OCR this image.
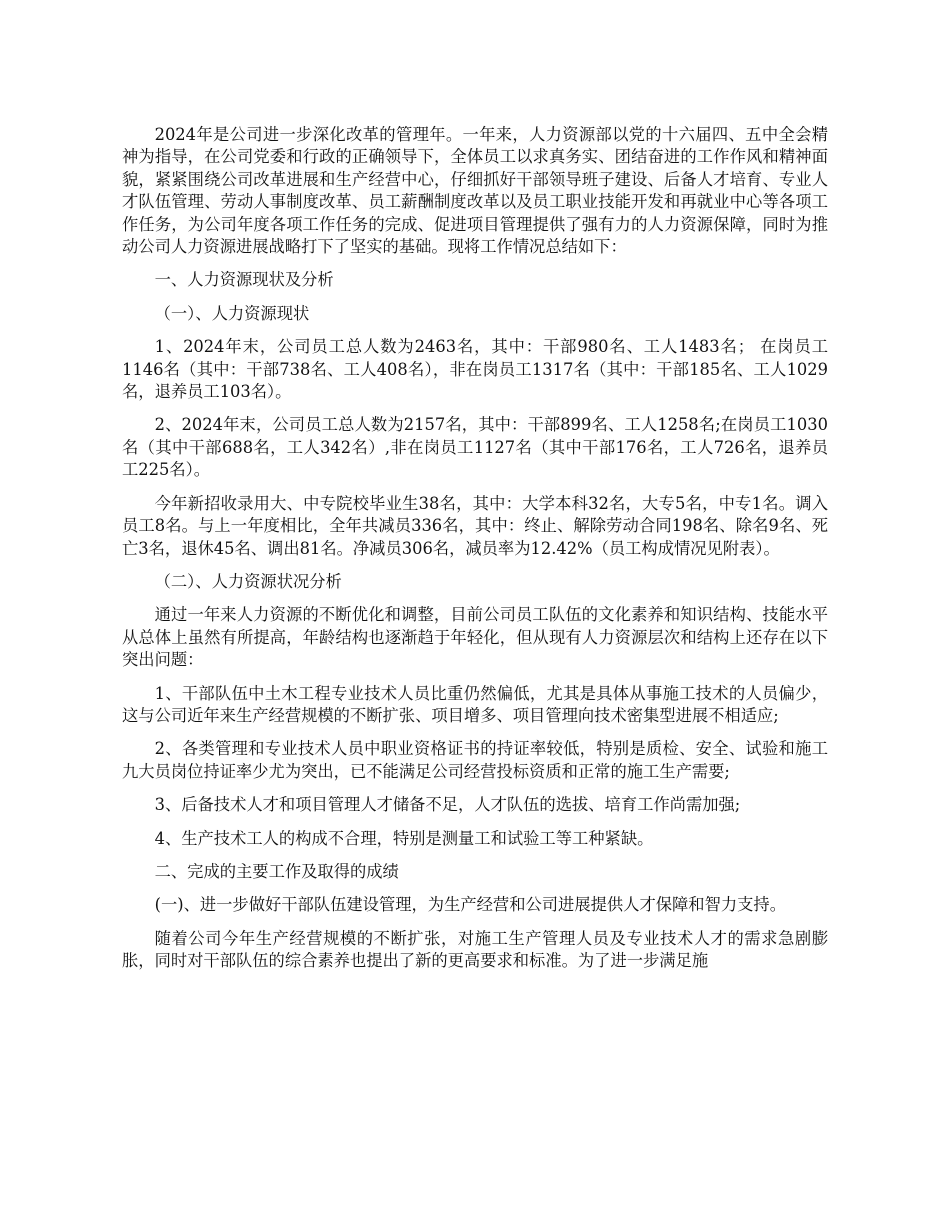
2024年是公司进一步深化改革的管理年。一年来，人力资源部以党的十六届四、五中全会精神为指导，在公司党委和行政的正确领导下，全体员工以求真务实、团结奋进的工作作风和精神面貌，紧紧围绕公司改革进展和生产经营中心，仔细抓好干部领导班子建设、后备人才培育、专业人才队伍管理、劳动人事制度改革、员工薪酬制度改革以及员工职业技能开发和再就业中心等各项工作任务，为公司年度各项工作任务的完成、促进项目管理提供了强有力的人力资源保障，同时为推动公司人力资源进展战略打下了坚实的基础。现将工作情况总结如下：

一、人力资源现状及分析

（一）、人力资源现状

1、2024年末，公司员工总人数为2463名，其中：干部980名、工人1483名； 在岗员工1146名（其中：干部738名、工人408名），非在岗员工1317名（其中：干部185名、工人1029名，退养员工103名）。

2、2024年末，公司员工总人数为2157名，其中：干部899名、工人1258名;在岗员工1030名（其中干部688名，工人342名）,非在岗员工1127名（其中干部176名，工人726名，退养员工225名）。

今年新招收录用大、中专院校毕业生38名，其中：大学本科32名，大专5名，中专1名。调入员工8名。与上一年度相比，全年共减员336名，其中：终止、解除劳动合同198名、除名9名、死亡3名，退休45名、调出81名。净减员306名，减员率为12.42%（员工构成情况见附表）。

（二）、人力资源状况分析

通过一年来人力资源的不断优化和调整，目前公司员工队伍的文化素养和知识结构、技能水平从总体上虽然有所提高，年龄结构也逐渐趋于年轻化，但从现有人力资源层次和结构上还存在以下突出问题：

1、干部队伍中土木工程专业技术人员比重仍然偏低，尤其是具体从事施工技术的人员偏少，这与公司近年来生产经营规模的不断扩张、项目增多、项目管理向技术密集型进展不相适应;

2、各类管理和专业技术人员中职业资格证书的持证率较低，特别是质检、安全、试验和施工九大员岗位持证率少尤为突出，已不能满足公司经营投标资质和正常的施工生产需要;

3、后备技术人才和项目管理人才储备不足，人才队伍的选拔、培育工作尚需加强;

4、生产技术工人的构成不合理，特别是测量工和试验工等工种紧缺。

二、完成的主要工作及取得的成绩

(一)、进一步做好干部队伍建设管理，为生产经营和公司进展提供人才保障和智力支持。

随着公司今年生产经营规模的不断扩张，对施工生产管理人员及专业技术人才的需求急剧膨胀，同时对干部队伍的综合素养也提出了新的更高要求和标准。为了进一步满足施
